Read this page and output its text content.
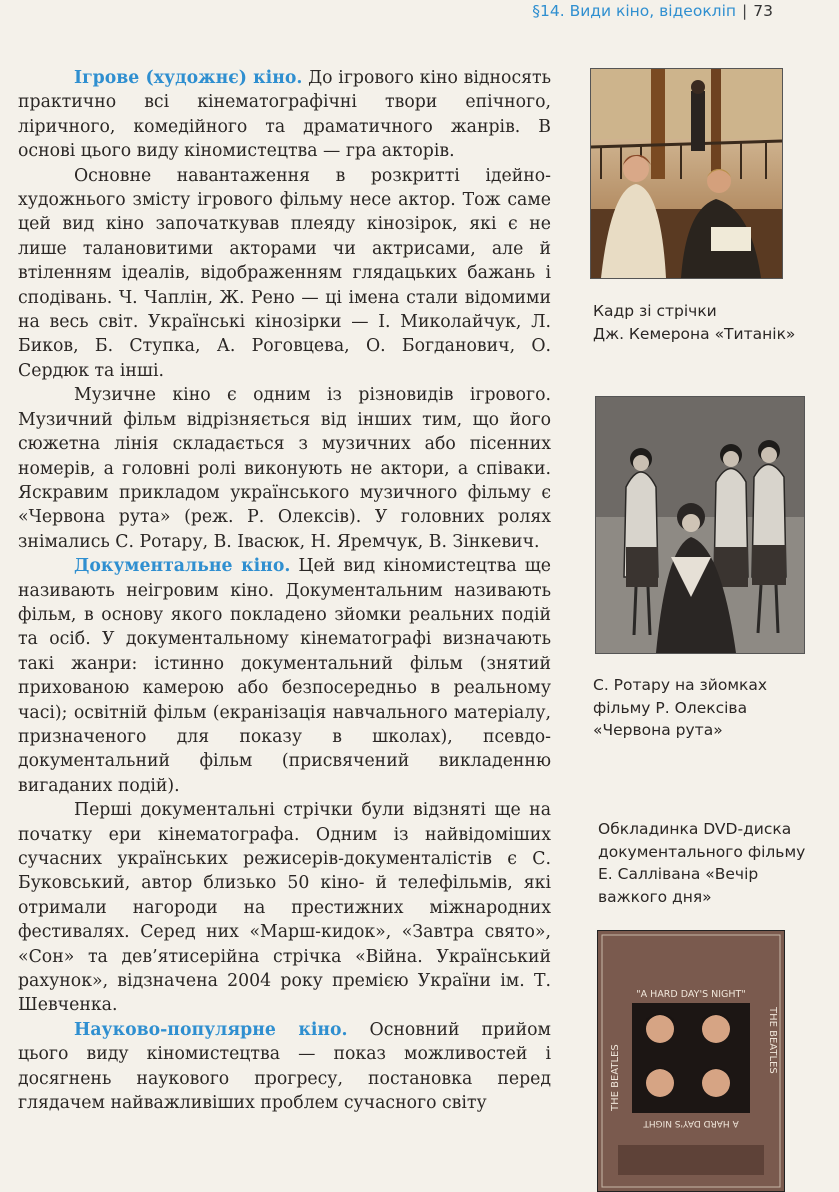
§14. Види кіно, відеокліп | 73

Ігрове (художнє) кіно. До ігрового кіно відносять практично всі кінематографічні твори епічного, ліричного, комедійного та драматичного жанрів. В основі цього виду кіномистецтва — гра акторів.

Основне навантаження в розкритті ідейно-художнього змісту ігрового фільму несе актор. Тож саме цей вид кіно започаткував плеяду кінозірок, які є не лише талановитими акторами чи актрисами, але й втіленням ідеалів, відображенням глядацьких бажань і сподівань. Ч. Чаплін, Ж. Рено — ці імена стали відомими на весь світ. Українські кінозірки — І. Миколайчук, Л. Биков, Б. Ступка, А. Роговцева, О. Богданович, О. Сердюк та інші.

Музичне кіно є одним із різновидів ігрового. Музичний фільм відрізняється від інших тим, що його сюжетна лінія складається з музичних або пісенних номерів, а головні ролі виконують не актори, а співаки. Яскравим прикладом українського музичного фільму є «Червона рута» (реж. Р. Олексів). У головних ролях знімались С. Ротару, В. Івасюк, Н. Яремчук, В. Зінкевич.

Документальне кіно. Цей вид кіномистецтва ще називають неігровим кіно. Документальним називають фільм, в основу якого покладено зйомки реальних подій та осіб. У документальному кінематографі визначають такі жанри: істинно документальний фільм (знятий прихованою камерою або безпосередньо в реальному часі); освітній фільм (екранізація навчального матеріалу, призначеного для показу в школах), псевдо-документальний фільм (присвячений викладенню вигаданих подій).

Перші документальні стрічки були відзняті ще на початку ери кінематографа. Одним із найвідоміших сучасних українських режисерів-документалістів є С. Буковський, автор близько 50 кіно- й телефільмів, які отримали нагороди на престижних міжнародних фестивалях. Серед них «Марш-кидок», «Завтра свято», «Сон» та дев’ятисерійна стрічка «Війна. Український рахунок», відзначена 2004 року премією України ім. Т. Шевченка.

Науково-популярне кіно. Основний прийом цього виду кіномистецтва — показ можливостей і досягнень наукового прогресу, постановка перед глядачем найважливіших проблем сучасного світу

Кадр зі стрічки
Дж. Кемерона «Титанік»
С. Ротару на зйомках
фільму Р. Олексіва
«Червона рута»
Обкладинка DVD-диска
документального фільму
Е. Саллівана «Вечір
важкого дня»
"A HARD DAY'S NIGHT"
A HARD DAY'S NIGHT
THE BEATLES
THE BEATLES
